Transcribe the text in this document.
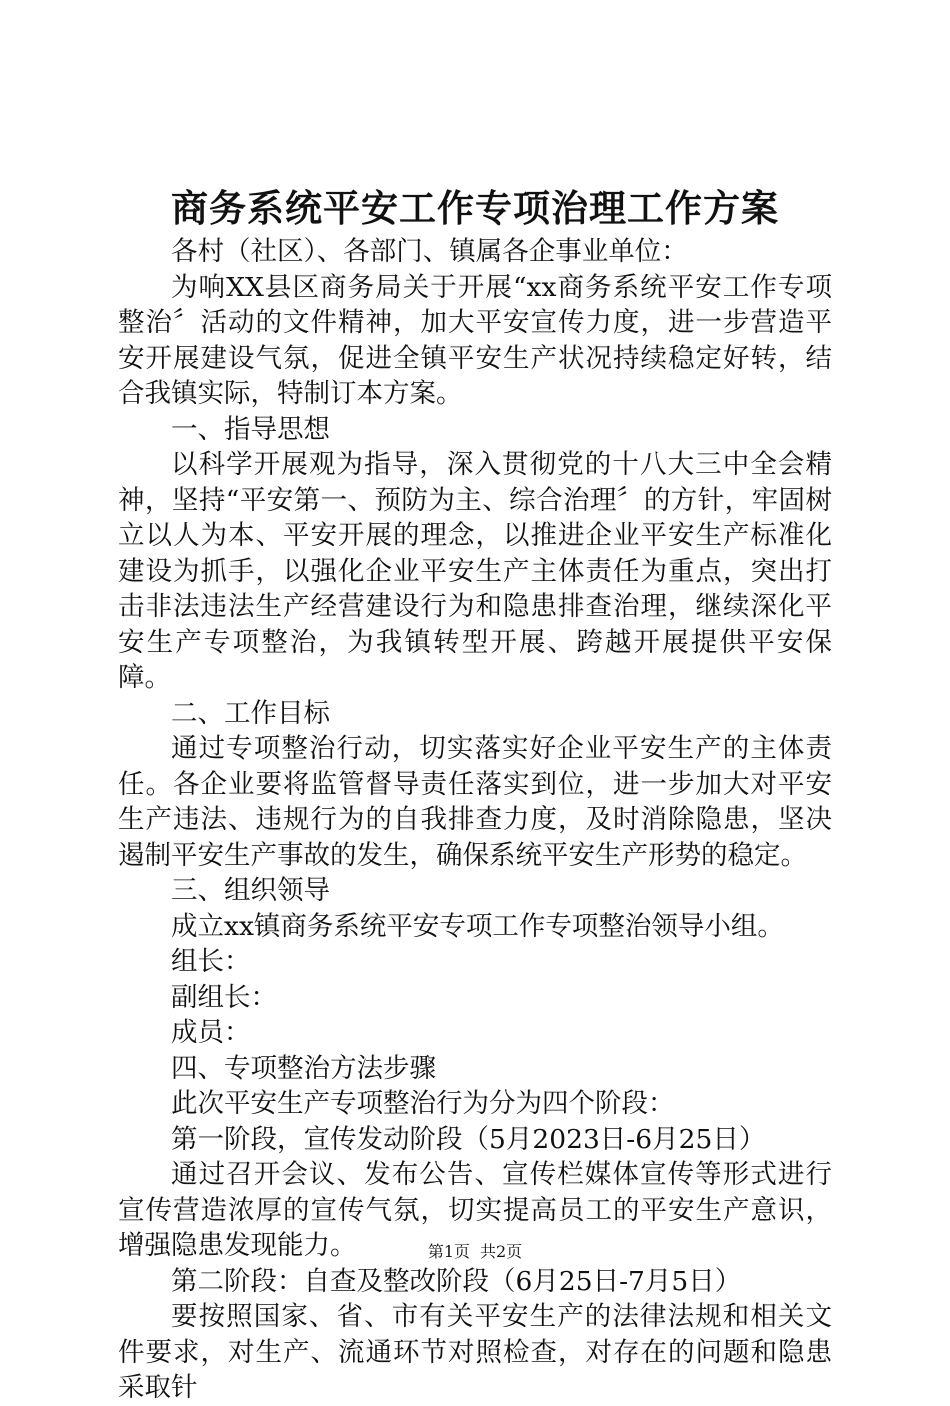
商务系统平安工作专项治理工作方案

各村（社区）、各部门、镇属各企事业单位：

为响XX县区商务局关于开展“xx商务系统平安工作专项整治〞活动的文件精神，加大平安宣传力度，进一步营造平安开展建设气氛，促进全镇平安生产状况持续稳定好转，结合我镇实际，特制订本方案。

一、指导思想

以科学开展观为指导，深入贯彻党的十八大三中全会精神，坚持“平安第一、预防为主、综合治理〞的方针，牢固树立以人为本、平安开展的理念，以推进企业平安生产标准化建设为抓手，以强化企业平安生产主体责任为重点，突出打击非法违法生产经营建设行为和隐患排查治理，继续深化平安生产专项整治，为我镇转型开展、跨越开展提供平安保障。

二、工作目标

通过专项整治行动，切实落实好企业平安生产的主体责任。各企业要将监管督导责任落实到位，进一步加大对平安生产违法、违规行为的自我排查力度，及时消除隐患，坚决遏制平安生产事故的发生，确保系统平安生产形势的稳定。

三、组织领导

成立xx镇商务系统平安专项工作专项整治领导小组。

组长：

副组长：

成员：

四、专项整治方法步骤

此次平安生产专项整治行为分为四个阶段：

第一阶段，宣传发动阶段（5月2023日-6月25日）

通过召开会议、发布公告、宣传栏媒体宣传等形式进行宣传营造浓厚的宣传气氛，切实提高员工的平安生产意识，增强隐患发现能力。

第二阶段：自查及整改阶段（6月25日-7月5日）

要按照国家、省、市有关平安生产的法律法规和相关文件要求，对生产、流通环节对照检查，对存在的问题和隐患采取针

第1页 共2页
